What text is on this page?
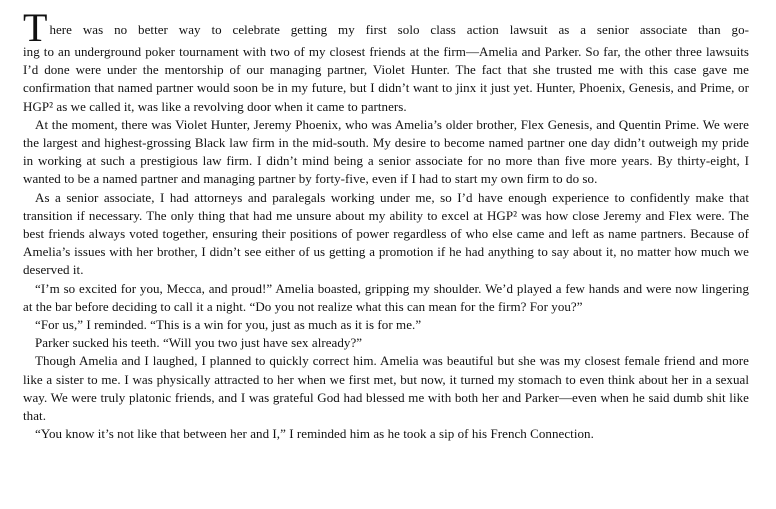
T here was no better way to celebrate getting my first solo class action lawsuit as a senior associate than go-

ing to an underground poker tournament with two of my closest friends at the firm—Amelia and Parker. So far, the other three lawsuits I’d done were under the mentorship of our managing partner, Violet Hunter. The fact that she trusted me with this case gave me confirmation that named partner would soon be in my future, but I didn’t want to jinx it just yet. Hunter, Phoenix, Genesis, and Prime, or HGP² as we called it, was like a revolving door when it came to partners.

At the moment, there was Violet Hunter, Jeremy Phoenix, who was Amelia’s older brother, Flex Genesis, and Quentin Prime. We were the largest and highest-grossing Black law firm in the mid-south. My desire to become named partner one day didn’t outweigh my pride in working at such a prestigious law firm. I didn’t mind being a senior associate for no more than five more years. By thirty-eight, I wanted to be a named partner and managing partner by forty-five, even if I had to start my own firm to do so.

As a senior associate, I had attorneys and paralegals working under me, so I’d have enough experience to confidently make that transition if necessary. The only thing that had me unsure about my ability to excel at HGP² was how close Jeremy and Flex were. The best friends always voted together, ensuring their positions of power regardless of who else came and left as name partners. Because of Amelia’s issues with her brother, I didn’t see either of us getting a promotion if he had anything to say about it, no matter how much we deserved it.

“I’m so excited for you, Mecca, and proud!” Amelia boasted, gripping my shoulder. We’d played a few hands and were now lingering at the bar before deciding to call it a night. “Do you not realize what this can mean for the firm? For you?”

“For us,” I reminded. “This is a win for you, just as much as it is for me.”

Parker sucked his teeth. “Will you two just have sex already?”

Though Amelia and I laughed, I planned to quickly correct him. Amelia was beautiful but she was my closest female friend and more like a sister to me. I was physically attracted to her when we first met, but now, it turned my stomach to even think about her in a sexual way. We were truly platonic friends, and I was grateful God had blessed me with both her and Parker—even when he said dumb shit like that.

“You know it’s not like that between her and I,” I reminded him as he took a sip of his French Connection.
